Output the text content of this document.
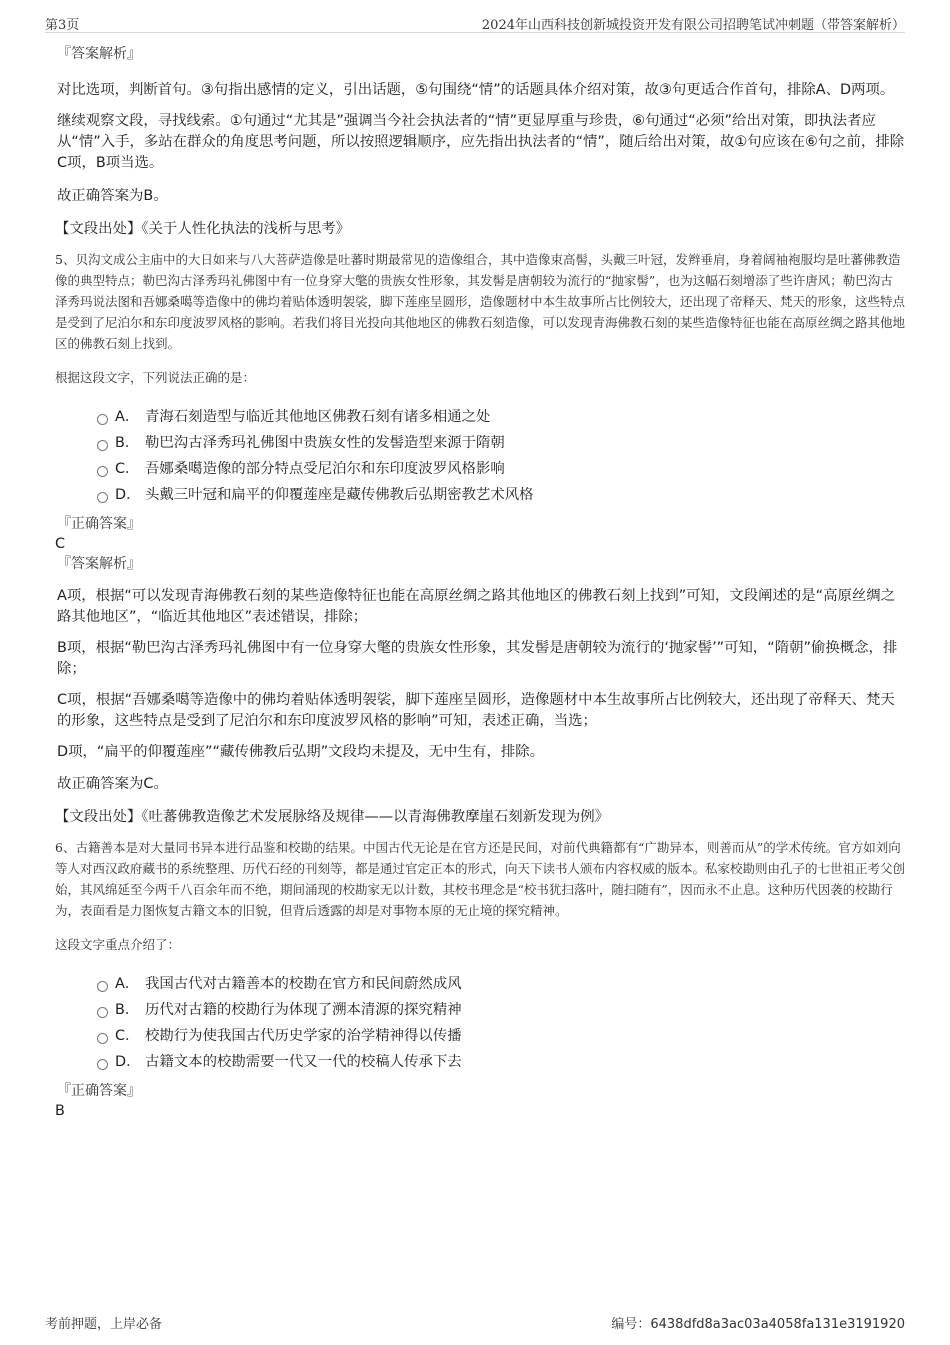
第3页	2024年山西科技创新城投资开发有限公司招聘笔试冲刺题（带答案解析）

『答案解析』

对比选项，判断首句。③句指出感情的定义，引出话题，⑤句围绕“情”的话题具体介绍对策，故③句更适合作首句，排除A、D两项。

继续观察文段，寻找线索。①句通过“尤其是”强调当今社会执法者的“情”更显厚重与珍贵，⑥句通过“必须”给出对策，即执法者应从“情”入手，多站在群众的角度思考问题，所以按照逻辑顺序，应先指出执法者的“情”，随后给出对策，故①句应该在⑥句之前，排除C项，B项当选。

故正确答案为B。

【文段出处】《关于人性化执法的浅析与思考》

5、贝沟文成公主庙中的大日如来与八大菩萨造像是吐蕃时期最常见的造像组合，其中造像束高髻，头戴三叶冠，发辫垂肩，身着阔袖袍服均是吐蕃佛教造像的典型特点；勒巴沟古泽秀玛礼佛图中有一位身穿大氅的贵族女性形象，其发髻是唐朝较为流行的“抛家髻”，也为这幅石刻增添了些许唐风；勒巴沟古泽秀玛说法图和吾娜桑噶等造像中的佛均着贴体透明袈裟，脚下莲座呈圆形，造像题材中本生故事所占比例较大，还出现了帝释天、梵天的形象，这些特点是受到了尼泊尔和东印度波罗风格的影响。若我们将目光投向其他地区的佛教石刻造像，可以发现青海佛教石刻的某些造像特征也能在高原丝绸之路其他地区的佛教石刻上找到。

根据这段文字，下列说法正确的是：

A． 青海石刻造型与临近其他地区佛教石刻有诸多相通之处
B． 勒巴沟古泽秀玛礼佛图中贵族女性的发髻造型来源于隋朝
C． 吾娜桑噶造像的部分特点受尼泊尔和东印度波罗风格影响
D． 头戴三叶冠和扁平的仰覆莲座是藏传佛教后弘期密教艺术风格

『正确答案』

C

『答案解析』

A项，根据“可以发现青海佛教石刻的某些造像特征也能在高原丝绸之路其他地区的佛教石刻上找到”可知，文段阐述的是“高原丝绸之路其他地区”，“临近其他地区”表述错误，排除；

B项，根据“勒巴沟古泽秀玛礼佛图中有一位身穿大氅的贵族女性形象，其发髻是唐朝较为流行的‘抛家髻’”可知，“隋朝”偷换概念，排除；

C项，根据“吾娜桑噶等造像中的佛均着贴体透明袈裟，脚下莲座呈圆形，造像题材中本生故事所占比例较大，还出现了帝释天、梵天的形象，这些特点是受到了尼泊尔和东印度波罗风格的影响”可知，表述正确，当选；

D项，“扁平的仰覆莲座”“藏传佛教后弘期”文段均未提及，无中生有，排除。

故正确答案为C。

【文段出处】《吐蕃佛教造像艺术发展脉络及规律——以青海佛教摩崖石刻新发现为例》

6、古籍善本是对大量同书异本进行品鉴和校勘的结果。中国古代无论是在官方还是民间，对前代典籍都有“广勘异本，则善而从”的学术传统。官方如刘向等人对西汉政府藏书的系统整理、历代石经的刊刻等，都是通过官定正本的形式，向天下读书人颁布内容权威的版本。私家校勘则由孔子的七世祖正考父创始，其风绵延至今两千八百余年而不绝，期间涌现的校勘家无以计数，其校书理念是“校书犹扫落叶，随扫随有”，因而永不止息。这种历代因袭的校勘行为，表面看是力图恢复古籍文本的旧貌，但背后透露的却是对事物本原的无止境的探究精神。

这段文字重点介绍了：

A． 我国古代对古籍善本的校勘在官方和民间蔚然成风
B． 历代对古籍的校勘行为体现了溯本清源的探究精神
C． 校勘行为使我国古代历史学家的治学精神得以传播
D． 古籍文本的校勘需要一代又一代的校稿人传承下去

『正确答案』

B

考前押题，上岸必备	编号：6438dfd8a3ac03a4058fa131e3191920
